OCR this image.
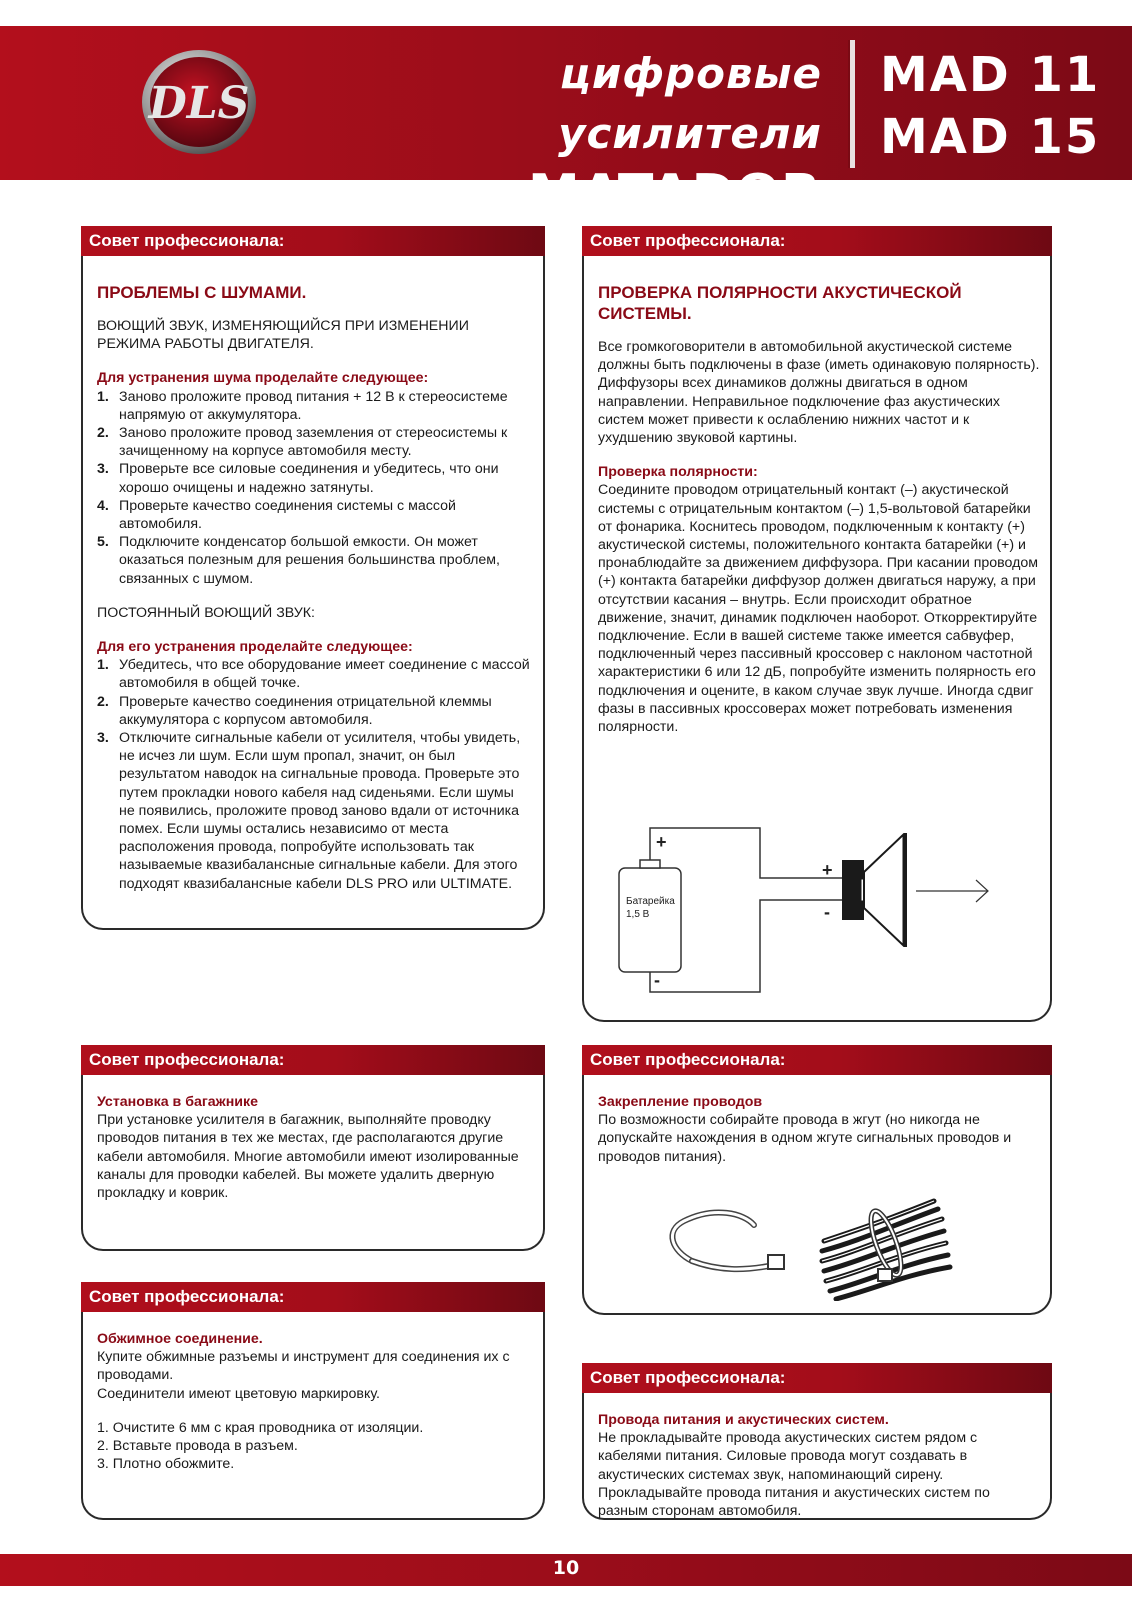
DLS
цифровые усилители
серии MATADOR
MAD 11
MAD 15
Совет профессионала:
ПРОБЛЕМЫ С ШУМАМИ.

ВОЮЩИЙ ЗВУК, ИЗМЕНЯЮЩИЙСЯ ПРИ ИЗМЕНЕНИИ РЕЖИМА РАБОТЫ ДВИГАТЕЛЯ.

Для устранения шума проделайте следующее:

1. Заново проложите провод питания + 12 В к стереосистеме напрямую от аккумулятора.
2. Заново проложите провод заземления от стереосистемы к зачищенному на корпусе автомобиля месту.
3. Проверьте все силовые соединения и убедитесь, что они хорошо очищены и надежно затянуты.
4. Проверьте качество соединения системы с массой автомобиля.
5. Подключите конденсатор большой емкости. Он может оказаться полезным для решения большинства проблем, связанных с шумом.

ПОСТОЯННЫЙ ВОЮЩИЙ ЗВУК:

Для его устранения проделайте следующее:

1. Убедитесь, что все оборудование имеет соединение с массой автомобиля в общей точке.
2. Проверьте качество соединения отрицательной клеммы аккумулятора с корпусом автомобиля.
3. Отключите сигнальные кабели от усилителя, чтобы увидеть, не исчез ли шум. Если шум пропал, значит, он был результатом наводок на сигнальные провода. Проверьте это путем прокладки нового кабеля над сиденьями. Если шумы не появились, проложите провод заново вдали от источника помех. Если шумы остались независимо от места расположения провода, попробуйте использовать так называемые квазибалансные сигнальные кабели. Для этого подходят квазибалансные кабели DLS PRO или ULTIMATE.
Совет профессионала:
ПРОВЕРКА ПОЛЯРНОСТИ АКУСТИЧЕСКОЙ СИСТЕМЫ.

Все громкоговорители в автомобильной акустической системе должны быть подключены в фазе (иметь одинаковую полярность). Диффузоры всех динамиков должны двигаться в одном направлении. Неправильное подключение фаз акустических систем может привести к ослаблению нижних частот и к ухудшению звуковой картины.

Проверка полярности:

Соедините проводом отрицательный контакт (–) акустической системы с отрицательным контактом (–) 1,5-вольтовой батарейки от фонарика. Коснитесь проводом, подключенным к контакту (+) акустической системы, положительного контакта батарейки (+) и пронаблюдайте за движением диффузора. При касании проводом (+) контакта батарейки диффузор должен двигаться наружу, а при отсутствии касания – внутрь. Если происходит обратное движение, значит, динамик подключен наоборот. Откорректируйте подключение. Если в вашей системе также имеется сабвуфер, подключенный через пассивный кроссовер с наклоном частотной характеристики 6 или 12 дБ, попробуйте изменить полярность его подключения и оцените, в каком случае звук лучше. Иногда сдвиг фазы в пассивных кроссоверах может потребовать изменения полярности.

Батарейка
1,5 В
+
-
+
-
Совет профессионала:

Установка в багажнике

При установке усилителя в багажник, выполняйте проводку проводов питания в тех же местах, где располагаются другие кабели автомобиля. Многие автомобили имеют изолированные каналы для проводки кабелей. Вы можете удалить дверную прокладку и коврик.

Совет профессионала:

Закрепление проводов

По возможности собирайте провода в жгут (но никогда не допускайте нахождения в одном жгуте сигнальных проводов и проводов питания).

Совет профессионала:

Обжимное соединение.

Купите обжимные разъемы и инструмент для соединения их с проводами.

Соединители имеют цветовую маркировку.

1. Очистите 6 мм с края проводника от изоляции.

2. Вставьте провода в разъем.

3. Плотно обожмите.

Совет профессионала:

Провода питания и акустических систем.

Не прокладывайте провода акустических систем рядом с кабелями питания. Силовые провода могут создавать в акустических системах звук, напоминающий сирену. Прокладывайте провода питания и акустических систем по разным сторонам автомобиля.

10
